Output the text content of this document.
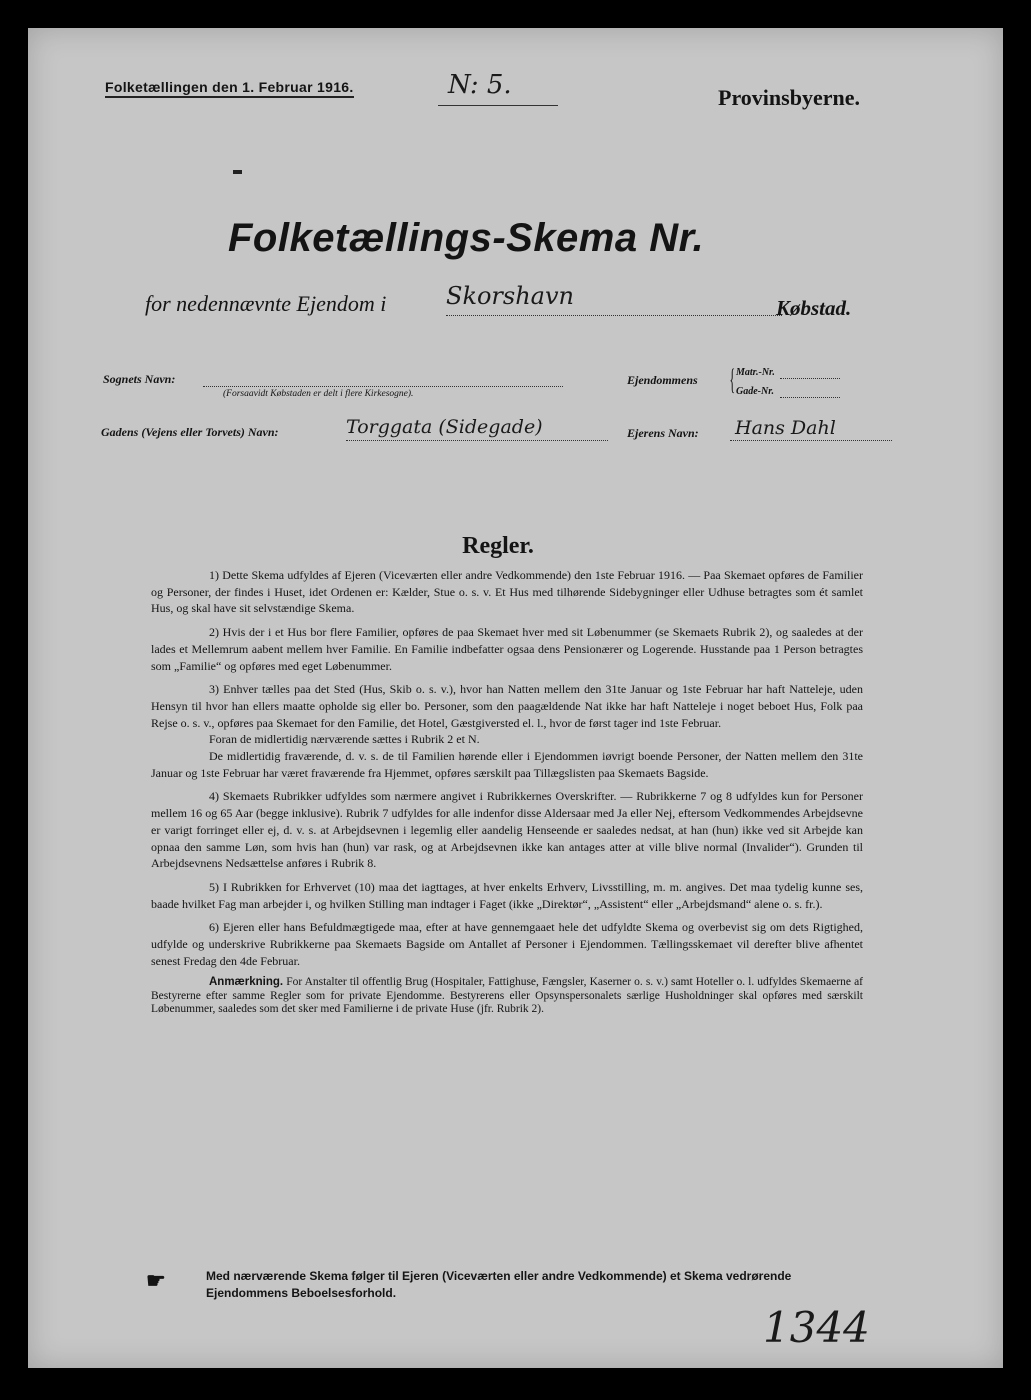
Folketællingen den 1. Februar 1916.	N: 5.	Provinsbyerne.
Folketællings-Skema Nr.
for nedennævnte Ejendom i Skorshavn	Købstad.
Sognets Navn:
(Forsaavidt Købstaden er delt i flere Kirkesogne).
Ejendommens { Matr.-Nr.
Gade-Nr.
Gadens (Vejens eller Torvets) Navn:	Torggata (Sidegade)	Ejerens Navn: Hans Dahl
Regler.

1) Dette Skema udfyldes af Ejeren (Viceværten eller andre Vedkommende) den 1ste Februar 1916. — Paa Skemaet opføres de Familier og Personer, der findes i Huset, idet Ordenen er: Kælder, Stue o. s. v. Et Hus med tilhørende Sidebygninger eller Udhuse betragtes som ét samlet Hus, og skal have sit selvstændige Skema.

2) Hvis der i et Hus bor flere Familier, opføres de paa Skemaet hver med sit Løbenummer (se Skemaets Rubrik 2), og saaledes at der lades et Mellemrum aabent mellem hver Familie. En Familie indbefatter ogsaa dens Pensionærer og Logerende. Husstande paa 1 Person betragtes som „Familie“ og opføres med eget Løbenummer.

3) Enhver tælles paa det Sted (Hus, Skib o. s. v.), hvor han Natten mellem den 31te Januar og 1ste Februar har haft Natteleje, uden Hensyn til hvor han ellers maatte opholde sig eller bo. Personer, som den paagældende Nat ikke har haft Natteleje i noget beboet Hus, Folk paa Rejse o. s. v., opføres paa Skemaet for den Familie, det Hotel, Gæstgiversted el. l., hvor de først tager ind 1ste Februar.

Foran de midlertidig nærværende sættes i Rubrik 2 et N.

De midlertidig fraværende, d. v. s. de til Familien hørende eller i Ejendommen iøvrigt boende Personer, der Natten mellem den 31te Januar og 1ste Februar har været fraværende fra Hjemmet, opføres særskilt paa Tillægslisten paa Skemaets Bagside.

4) Skemaets Rubrikker udfyldes som nærmere angivet i Rubrikkernes Overskrifter. — Rubrikkerne 7 og 8 udfyldes kun for Personer mellem 16 og 65 Aar (begge inklusive). Rubrik 7 udfyldes for alle indenfor disse Aldersaar med Ja eller Nej, eftersom Vedkommendes Arbejdsevne er varigt forringet eller ej, d. v. s. at Arbejdsevnen i legemlig eller aandelig Henseende er saaledes nedsat, at han (hun) ikke ved sit Arbejde kan opnaa den samme Løn, som hvis han (hun) var rask, og at Arbejdsevnen ikke kan antages atter at ville blive normal (Invalider“). Grunden til Arbejdsevnens Nedsættelse anføres i Rubrik 8.

5) I Rubrikken for Erhvervet (10) maa det iagttages, at hver enkelts Erhverv, Livsstilling, m. m. angives. Det maa tydelig kunne ses, baade hvilket Fag man arbejder i, og hvilken Stilling man indtager i Faget (ikke „Direktør“, „Assistent“ eller „Arbejdsmand“ alene o. s. fr.).

6) Ejeren eller hans Befuldmægtigede maa, efter at have gennemgaaet hele det udfyldte Skema og overbevist sig om dets Rigtighed, udfylde og underskrive Rubrikkerne paa Skemaets Bagside om Antallet af Personer i Ejendommen. Tællingsskemaet vil derefter blive afhentet senest Fredag den 4de Februar.

Anmærkning. For Anstalter til offentlig Brug (Hospitaler, Fattighuse, Fængsler, Kaserner o. s. v.) samt Hoteller o. l. udfyldes Skemaerne af Bestyrerne efter samme Regler som for private Ejendomme. Bestyrerens eller Opsynspersonalets særlige Husholdninger skal opføres med særskilt Løbenummer, saaledes som det sker med Familierne i de private Huse (jfr. Rubrik 2).

☛	Med nærværende Skema følger til Ejeren (Viceværten eller andre Vedkommende) et Skema vedrørende Ejendommens Beboelsesforhold.
1344
